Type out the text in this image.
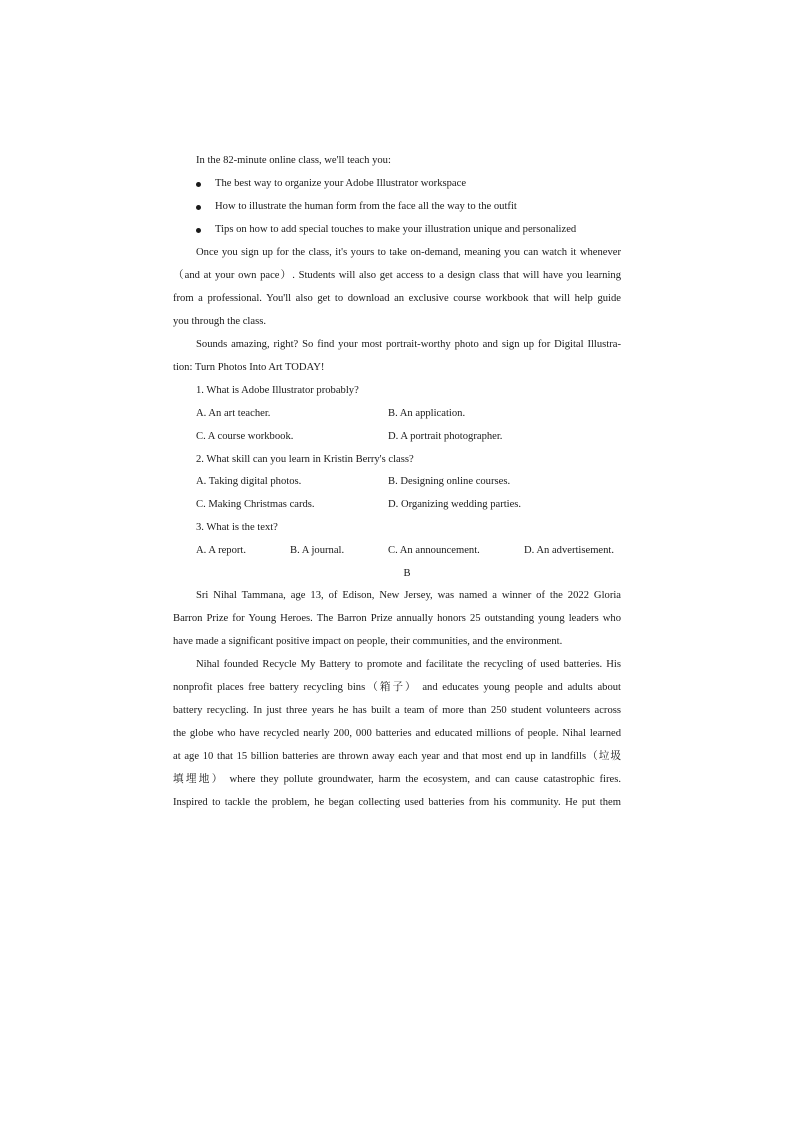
In the 82-minute online class, we'll teach you:
The best way to organize your Adobe Illustrator workspace
How to illustrate the human form from the face all the way to the outfit
Tips on how to add special touches to make your illustration unique and personalized
Once you sign up for the class, it's yours to take on-demand, meaning you can watch it whenever
（and at your own pace）. Students will also get access to a design class that will have you learning
from a professional. You'll also get to download an exclusive course workbook that will help guide
you through the class.
Sounds amazing, right? So find your most portrait-worthy photo and sign up for Digital Illustra-
tion: Turn Photos Into Art TODAY!
1. What is Adobe Illustrator probably?
A. An art teacher.	B. An application.
C. A course workbook.	D. A portrait photographer.
2. What skill can you learn in Kristin Berry's class?
A. Taking digital photos.	B. Designing online courses.
C. Making Christmas cards.	D. Organizing wedding parties.
3. What is the text?
A. A report.	B. A journal.	C. An announcement.	D. An advertisement.
B
Sri Nihal Tammana, age 13, of Edison, New Jersey, was named a winner of the 2022 Gloria
Barron Prize for Young Heroes. The Barron Prize annually honors 25 outstanding young leaders who
have made a significant positive impact on people, their communities, and the environment.
Nihal founded Recycle My Battery to promote and facilitate the recycling of used batteries. His
nonprofit places free battery recycling bins（箱子） and educates young people and adults about
battery recycling. In just three years he has built a team of more than 250 student volunteers across
the globe who have recycled nearly 200, 000 batteries and educated millions of people. Nihal learned
at age 10 that 15 billion batteries are thrown away each year and that most end up in landfills（垃圾
填埋地） where they pollute groundwater, harm the ecosystem, and can cause catastrophic fires.
Inspired to tackle the problem, he began collecting used batteries from his community. He put them
